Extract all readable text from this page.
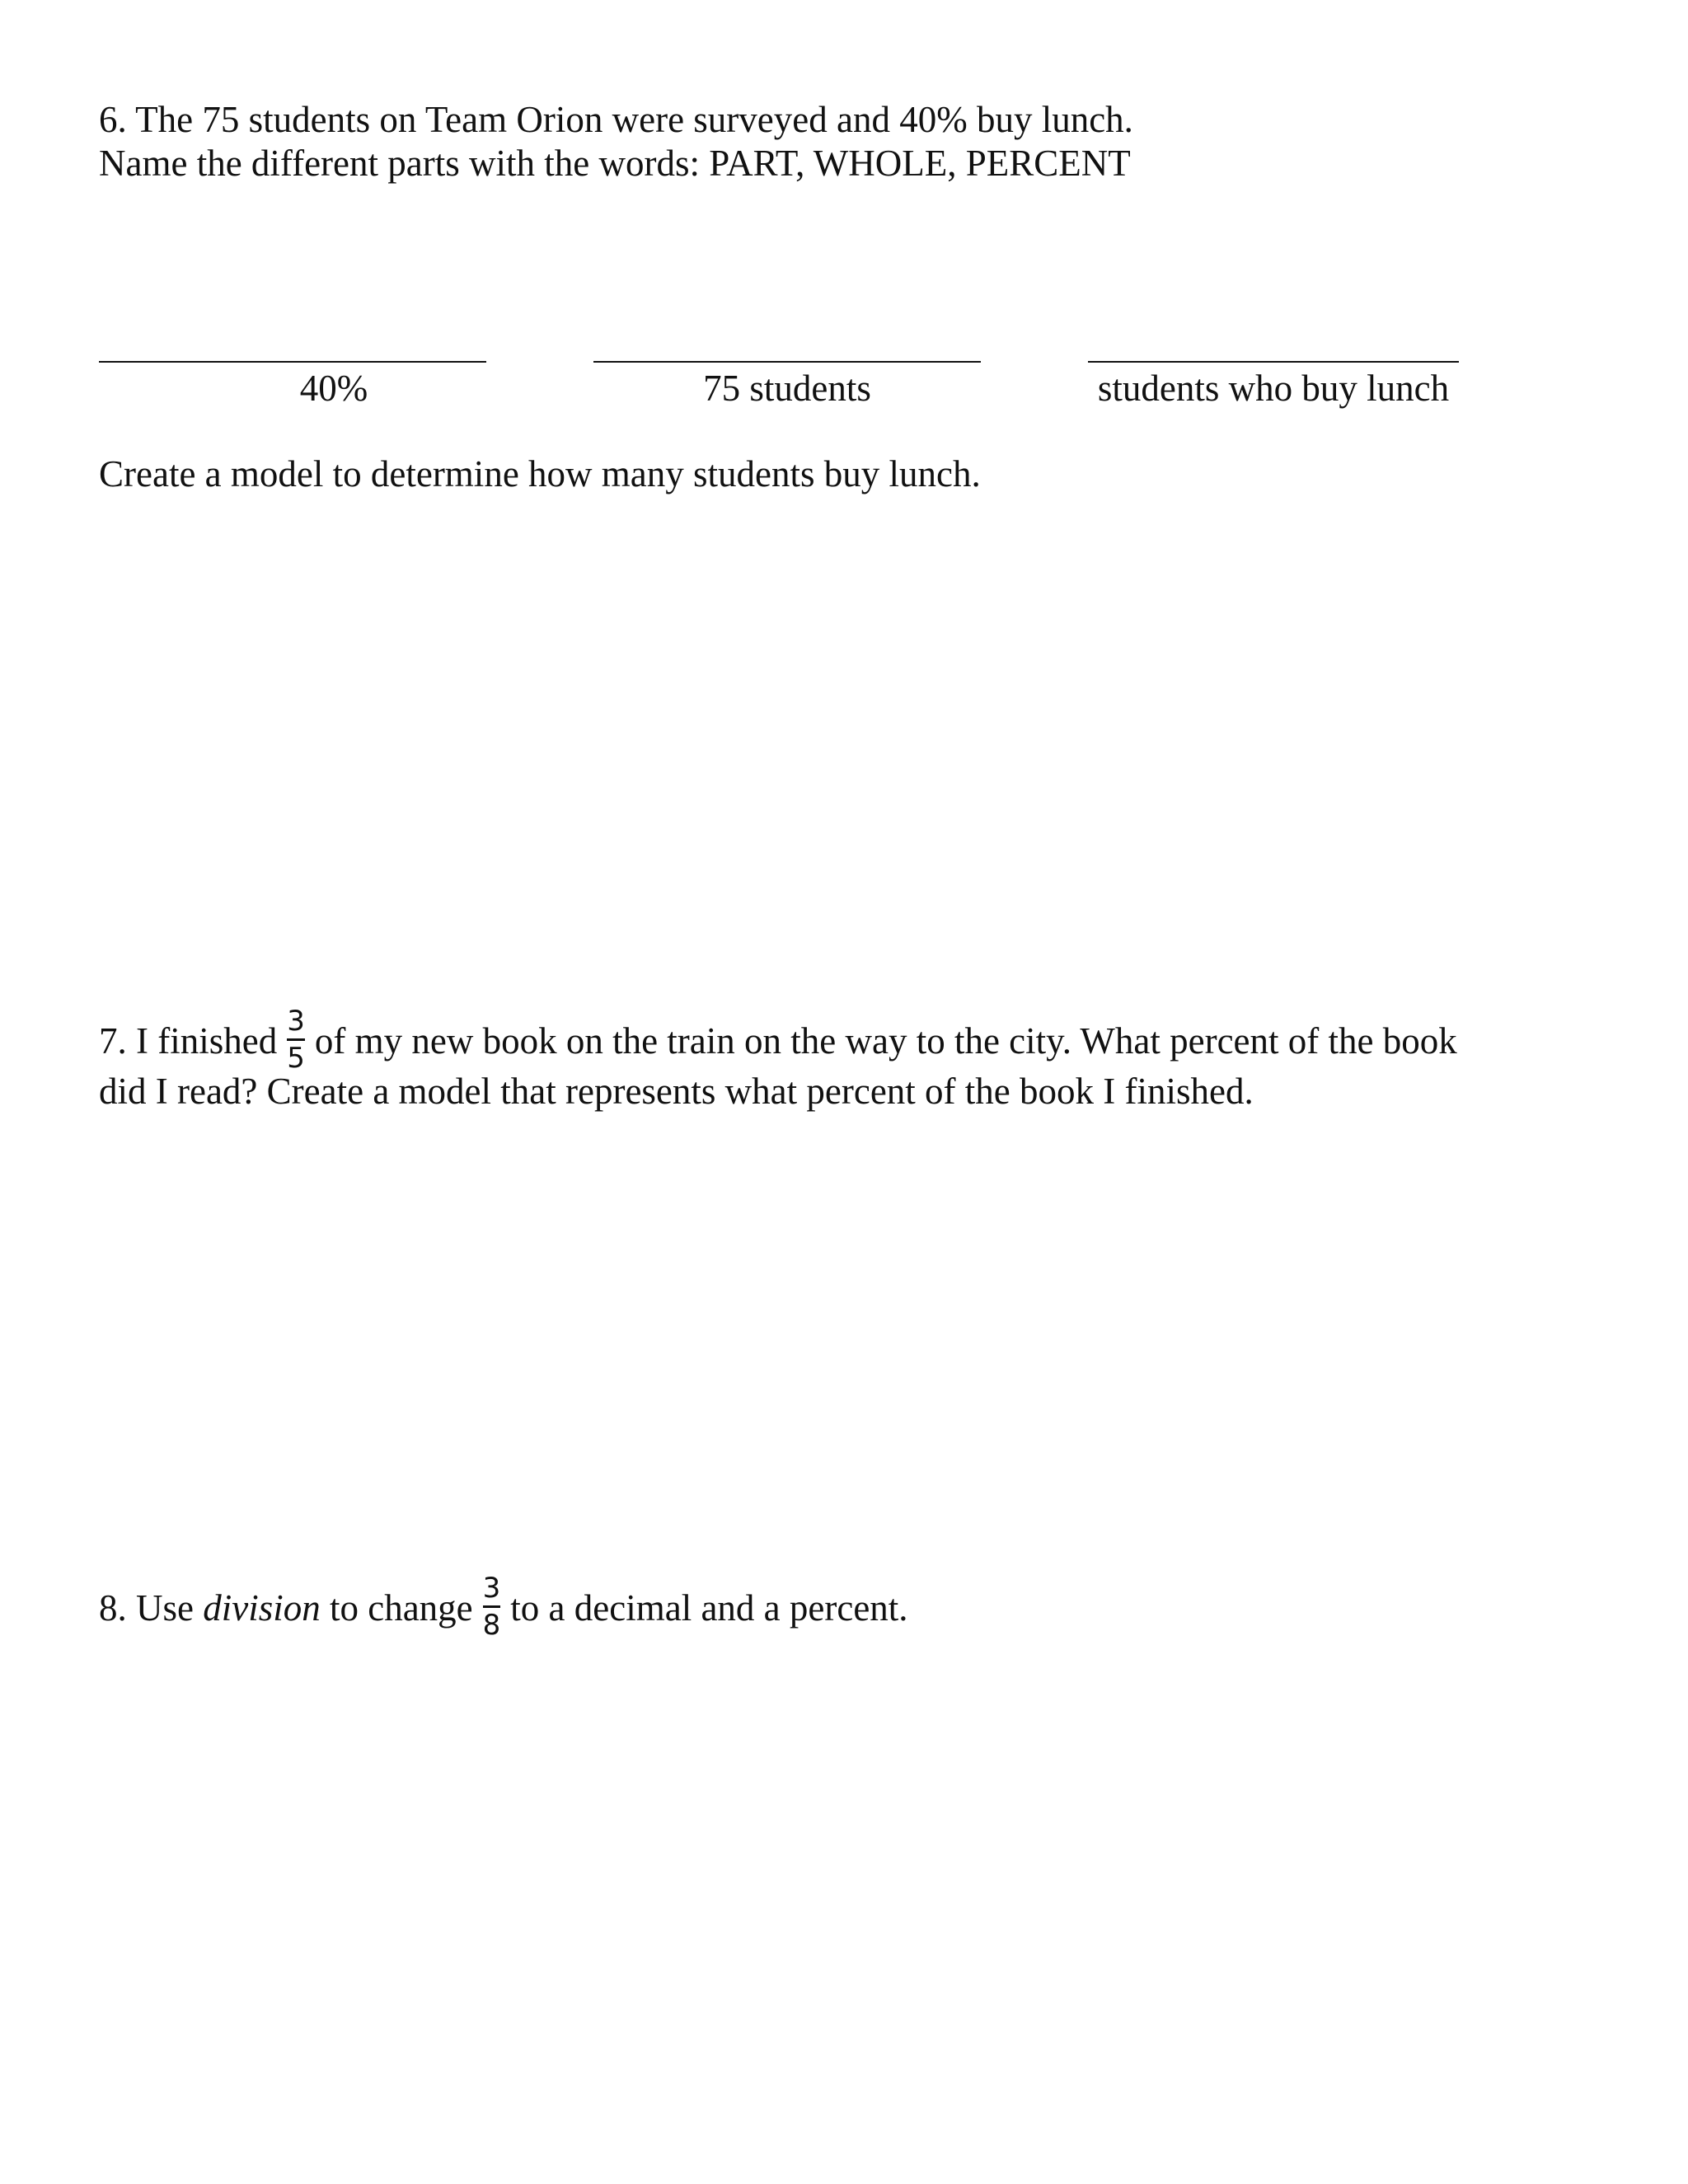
6. The 75 students on Team Orion were surveyed and 40% buy lunch.
Name the different parts with the words: PART, WHOLE, PERCENT
40%	75 students	students who buy lunch
Create a model to determine how many students buy lunch.
7. I finished $\frac{3}{5}$ of my new book on the train on the way to the city. What percent of the book
did I read? Create a model that represents what percent of the book I finished.
8. Use division to change $\frac{3}{8}$ to a decimal and a percent.
